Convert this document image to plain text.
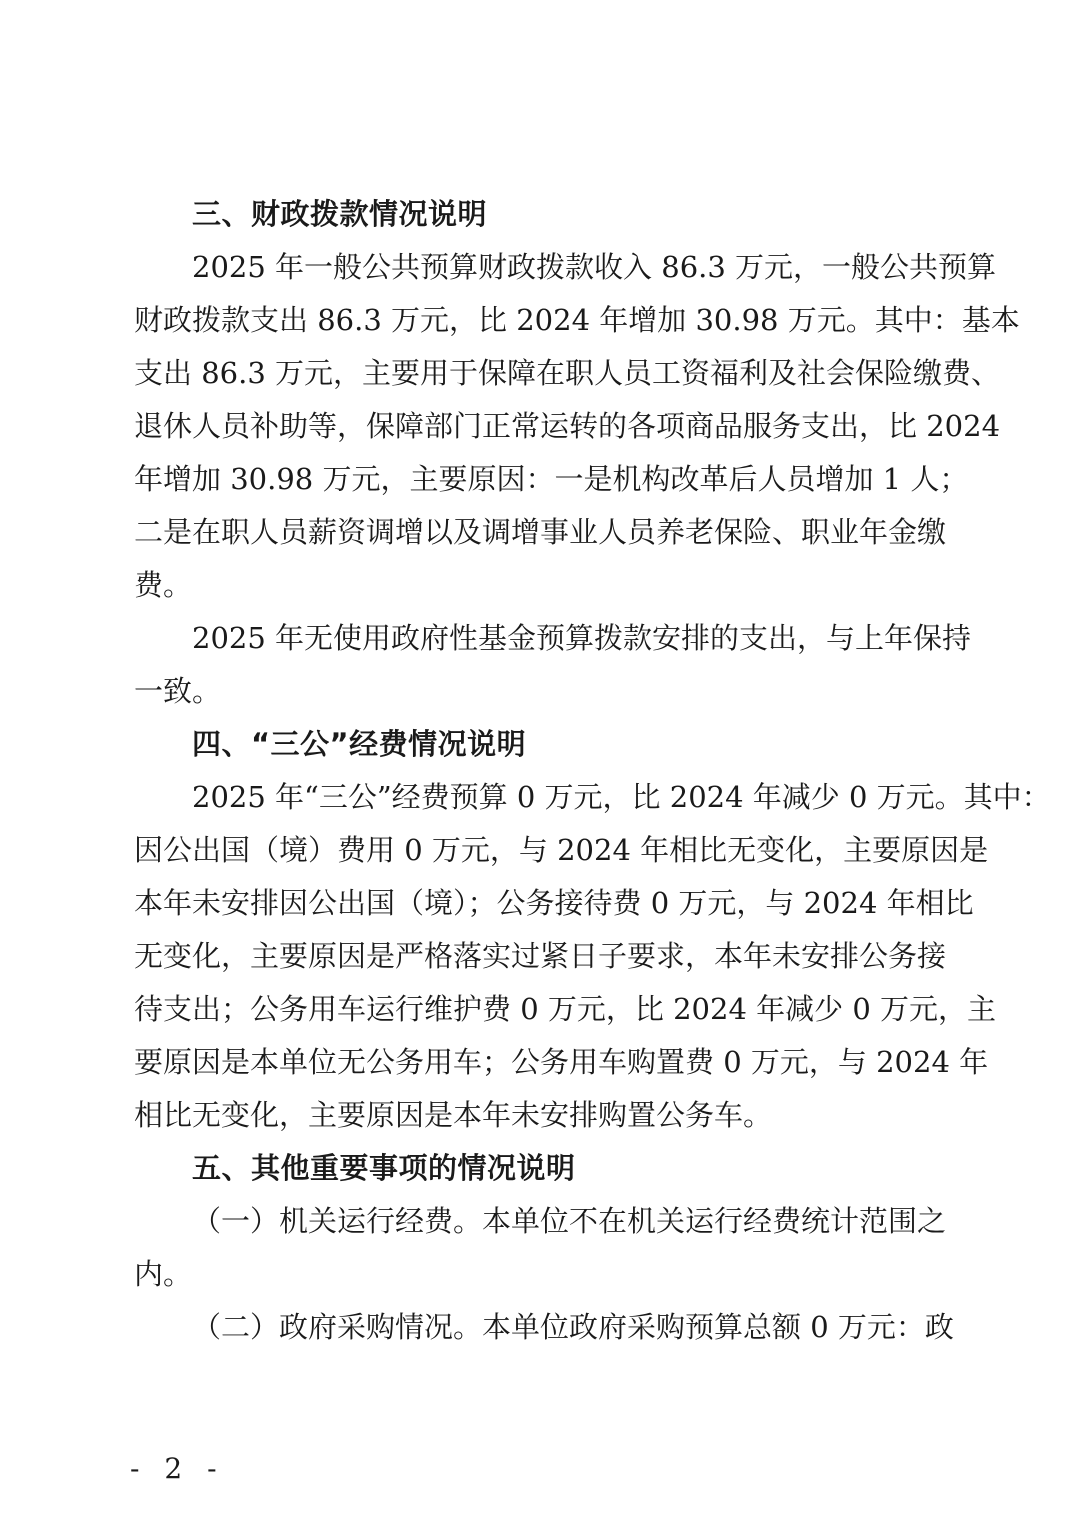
三、财政拨款情况说明
2025 年一般公共预算财政拨款收入 86.3 万元，一般公共预算
财政拨款支出 86.3 万元，比 2024 年增加 30.98 万元。其中：基本
支出 86.3 万元，主要用于保障在职人员工资福利及社会保险缴费、
退休人员补助等，保障部门正常运转的各项商品服务支出，比 2024
年增加 30.98 万元，主要原因：一是机构改革后人员增加 1 人；
二是在职人员薪资调增以及调增事业人员养老保险、职业年金缴
费。
2025 年无使用政府性基金预算拨款安排的支出，与上年保持
一致。
四、“三公”经费情况说明
2025 年“三公”经费预算 0 万元，比 2024 年减少 0 万元。其中：
因公出国（境）费用 0 万元，与 2024 年相比无变化，主要原因是
本年未安排因公出国（境）；公务接待费 0 万元，与 2024 年相比
无变化，主要原因是严格落实过紧日子要求，本年未安排公务接
待支出；公务用车运行维护费 0 万元，比 2024 年减少 0 万元，主
要原因是本单位无公务用车；公务用车购置费 0 万元，与 2024 年
相比无变化，主要原因是本年未安排购置公务车。
五、其他重要事项的情况说明
（一）机关运行经费。本单位不在机关运行经费统计范围之
内。
（二）政府采购情况。本单位政府采购预算总额 0 万元：政
- 2 -
